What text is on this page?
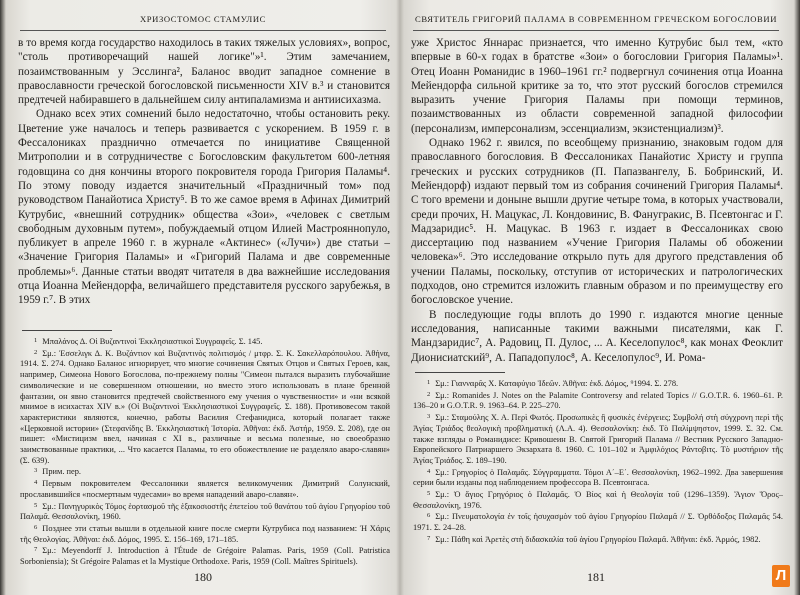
ХРИЗОСТОМОС СТАМУЛИС

в то время когда государство находилось в таких тяжелых условиях», вопрос, "столь противоречащий нашей логике"»¹. Этим замечанием, позаимствованным у Эсслинга², Баланос вводит западное сомнение в православности греческой богословской письменности XIV в.³ и становится предтечей набиравшего в дальнейшем силу антипаламизма и антиисихазма.

Однако всех этих сомнений было недостаточно, чтобы остановить реку. Цветение уже началось и теперь развивается с ускорением. В 1959 г. в Фессалониках празднично отмечается по инициативе Священной Митрополии и в сотрудничестве с Богословским факультетом 600-летняя годовщина со дня кончины второго покровителя города Григория Паламы⁴. По этому поводу издается значительный «Праздничный том» под руководством Панайотиса Христу⁵. В то же самое время в Афинах Димитрий Кутрубис, «внешний сотрудник» общества «Зои», «человек с светлым свободным духовным путем», побуждаемый отцом Илией Мастрояннопуло, публикует в апреле 1960 г. в журнале «Актинес» («Лучи») две статьи – «Значение Григория Паламы» и «Григорий Палама и две современные проблемы»⁶. Данные статьи вводят читателя в два важнейшие исследования отца Иоанна Мейендорфа, величайшего представителя русского зарубежья, в 1959 г.⁷. В этих

$^1$ Μπαλάνος Δ. Οἱ Βυζαντινοὶ Ἐκκλησιαστικοὶ Συγγραφεῖς. Σ. 145.

$^2$ Σμ.: Ἐσσελιγκ Δ. Κ. Βυζάντιον καὶ Βυζαντινὸς πολιτισμός / μτφρ. Σ. Κ. Σακελλαρόπουλου. Ἀθήνα, 1914. Σ. 274. Однако Баланос игнорирует, что многие сочинения Святых Отцов и Святых Героев, как, например, Симеона Нового Богослова, по-прежнему полны "Симеон пытался выразить глубочайшие символические и не совершенном отношении, но вместо этого использовать в плане бренной фантазии, он явно становится предтечей свойственного ему учения о чувственности» и «ни всякой мнимое в исихастах XIV в.» (Οἱ Βυζαντινοὶ Ἐκκλησιαστικοὶ Συγγραφεῖς. Σ. 188). Противовесом такой характеристики являются, конечно, работы Василия Стефанидиса, который полагает также «Церковной истории» (Στεφανίδης Β. Ἐκκλησιαστικὴ Ἱστορία. Ἀθῆναι: ἐκδ. Ἀστήρ, 1959. Σ. 208), где он пишет: «Мистицизм ввел, начиная с XI в., различные и весьма полезные, но своеобразно заимствованные практики, ... Что касается Паламы, то его обожествление не разделяло аваро-славян» (Σ. 639).

$^3$ Прим. пер.

$^4$ Первым покровителем Фессалоники является великомученик Димитрий Солунский, прославившийся «посмертным чудесами» во время нападений аваро-славян».

$^5$ Σμ.: Πανηγυρικὸς Τόμος ἑορτασμοῦ τῆς ἑξακοσιοστῆς ἐπετείου τοῦ θανάτου τοῦ ἁγίου Γρηγορίου τοῦ Παλαμᾶ. Θεσσαλονίκη, 1960.

$^6$ Позднее эти статьи вышли в отдельной книге после смерти Кутрубиса под названием: Ἡ Χάρις τῆς Θεολογίας. Ἀθῆναι: ἐκδ. Δόμος, 1995. Σ. 156–169, 171–185.

$^7$ Σμ.: Meyendorff J. Introduction à l'Étude de Grégoire Palamas. Paris, 1959 (Coll. Patristica Sorboniensia); St Grégoire Palamas et la Mystique Orthodoxe. Paris, 1959 (Coll. Maîtres Spirituels).

180
СВЯТИТЕЛЬ ГРИГОРИЙ ПАЛАМА В СОВРЕМЕННОМ ГРЕЧЕСКОМ БОГОСЛОВИИ

уже Христос Яннарас признается, что именно Кутрубис был тем, «кто впервые в 60-х годах в братстве «Зои» о богословии Григория Паламы»¹. Отец Иоанн Романидис в 1960–1961 гг.² подвергнул сочинения отца Иоанна Мейендорфа сильной критике за то, что этот русский богослов стремился выразить учение Григория Паламы при помощи терминов, позаимствованных из области современной западной философии (персонализм, имперсонализм, эссенциализм, экзистенциализм)³.

Однако 1962 г. явился, по всеобщему признанию, знаковым годом для православного богословия. В Фессалониках Панайотис Христу и группа греческих и русских сотрудников (П. Папазвангелу, Б. Бобринский, И. Мейендорф) издают первый том из собрания сочинений Григория Паламы⁴. С того времени и доныне вышли другие четыре тома, в которых участвовали, среди прочих, Н. Мацукас, Л. Кондовинис, В. Фанугракис, В. Псевтонгас и Г. Мадзаридис⁵. Н. Мацукас. В 1963 г. издает в Фессалониках свою диссертацию под названием «Учение Григория Паламы об обожении человека»⁶. Это исследование открыло путь для другого представления об учении Паламы, поскольку, отступив от исторических и патрологических подходов, оно стремится изложить главным образом и по преимуществу его богословское учение.

В последующие годы вплоть до 1990 г. издаются многие ценные исследования, написанные такими важными писателями, как Г. Мандзаридис⁷, А. Радовиц, П. Дулос, ... А. Кеселопулос⁸, как монах Феоклит Дионисиатский⁹, А. Пападопулос⁸, А. Кеселопулос⁹, И. Рома-

$^1$ Σμ.: Γιανναρᾶς Χ. Καταφύγιο Ἰδεῶν. Ἀθῆνα: ἐκδ. Δόμος, ⁹1994. Σ. 278.

$^2$ Σμ.: Romanides J. Notes on the Palamite Controversy and related Topics // G.O.T.R. 6. 1960–61. P. 136–20 и G.O.T.R. 9. 1963–64. P. 225–270.

$^3$ Σμ.: Σταμούλης Χ. Α. Περὶ Φωτός. Προσωπικὲς ἢ φυσικὲς ἐνέργειες; Συμβολή στὴ σύγχρονη περὶ τῆς Ἁγίας Τριάδος θεολογικὴ προβληματική (Λ.Α. 4). Θεσσαλονίκη: ἐκδ. Τὸ Παλίμψηστον, 1999. Σ. 32. См. также взгляды о Романидисе: Кривошеин В. Святой Григорий Палама // Вестник Русского Западно-Европейского Патриаршего Экзархата 8. 1960. С. 101–102 и Ἀμφιλόχιος Ράντοβιτς. Τὸ μυστήριον τῆς Ἁγίας Τριάδος. Σ. 189–190.

$^4$ Σμ.: Γρηγορίος ὁ Παλαμᾶς. Σύγγραμματα. Τόμοι Α΄–Ε΄. Θεσσαλονίκη, 1962–1992. Два завершения серии были изданы под наблюдением профессора В. Псевтонгаса.

$^5$ Σμ.: Ὁ ἅγιος Γρηγόριος ὁ Παλαμᾶς. Ὁ Βίος καὶ ἡ Θεολογία τοῦ (1296–1359). Ἅγιον Ὄρος–Θεσσαλονίκη, 1976.

$^6$ Σμ.: Πνευματολογία ἐν τοῖς ἡσυχασμὸν τοῦ ἁγίου Γρηγορίου Παλαμᾶ // Σ. Ὀρθόδοξος Παλαμᾶς 54. 1971. Σ. 24–28.

$^7$ Σμ.: Πάθη καὶ Ἀρετὲς στὴ διδασκαλία τοῦ ἁγίου Γρηγορίου Παλαμᾶ. Ἀθῆναι: ἐκδ. Ἀρμός, 1982.

181	Л
